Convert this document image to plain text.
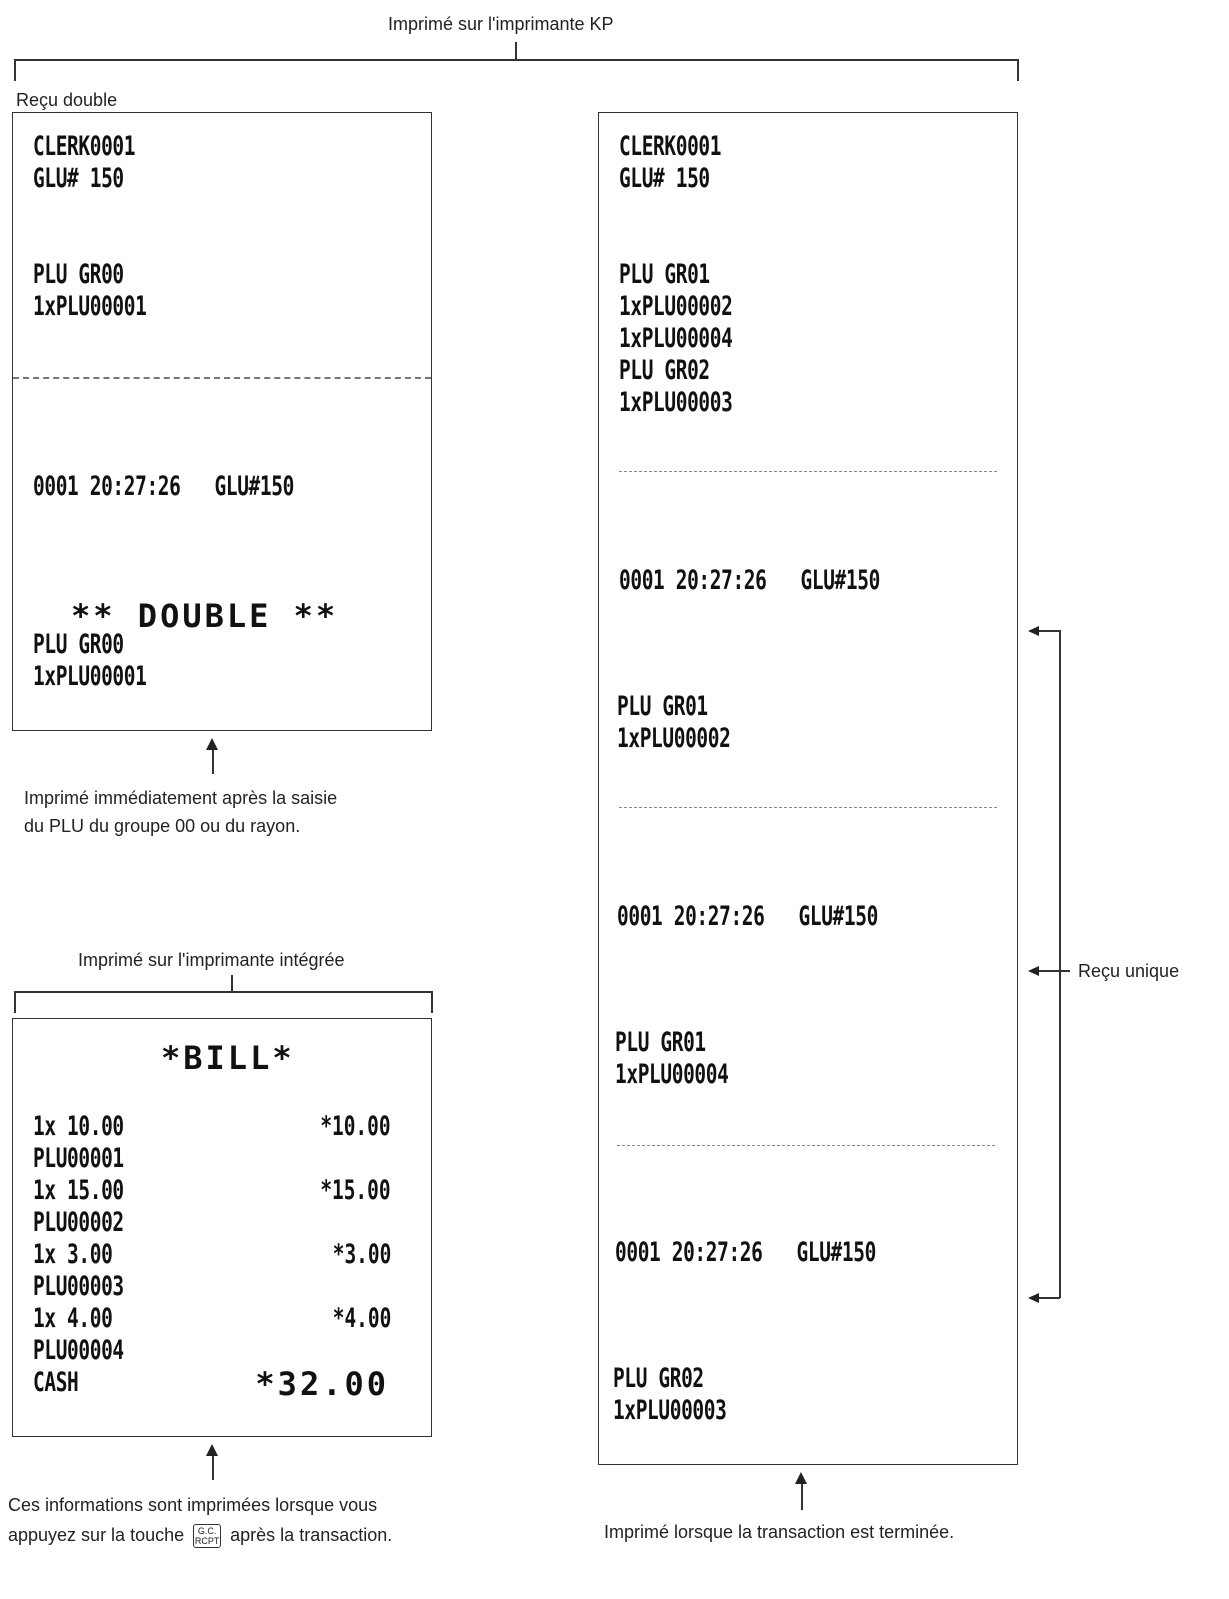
Imprimé sur l'imprimante KP
Reçu double
CLERK0001
GLU# 150
PLU GR00
1xPLU00001
0001 20:27:26   GLU#150
** DOUBLE **
PLU GR00
1xPLU00001
Imprimé immédiatement après la saisie
du PLU du groupe 00 ou du rayon.
Imprimé sur l'imprimante intégrée
*BILL*
1x 10.00	*10.00
PLU00001
1x 15.00	*15.00
PLU00002
1x 3.00	*3.00
PLU00003
1x 4.00	*4.00
PLU00004
CASH	*32.00
Ces informations sont imprimées lorsque vous
appuyez sur la touche G.C.
RCPT après la transaction.
CLERK0001
GLU# 150
PLU GR01
1xPLU00002
1xPLU00004
PLU GR02
1xPLU00003
0001 20:27:26   GLU#150
PLU GR01
1xPLU00002
0001 20:27:26   GLU#150
PLU GR01
1xPLU00004
0001 20:27:26   GLU#150
PLU GR02
1xPLU00003
Imprimé lorsque la transaction est terminée.
Reçu unique
